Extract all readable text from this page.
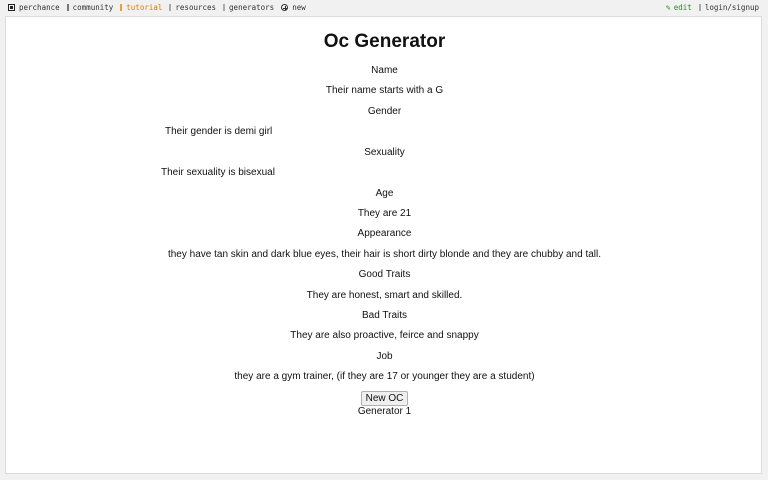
perchance community tutorial resources generators new	✎ edit login/signup
Oc Generator
Name
Their name starts with a G
Gender
Their gender is demi girl
Sexuality
Their sexuality is bisexual
Age
They are 21
Appearance
they have tan skin and dark blue eyes, their hair is short dirty blonde and they are chubby and tall.
Good Traits
They are honest, smart and skilled.
Bad Traits
They are also proactive, feirce and snappy
Job
they are a gym trainer, (if they are 17 or younger they are a student)
New OC
Generator 1
